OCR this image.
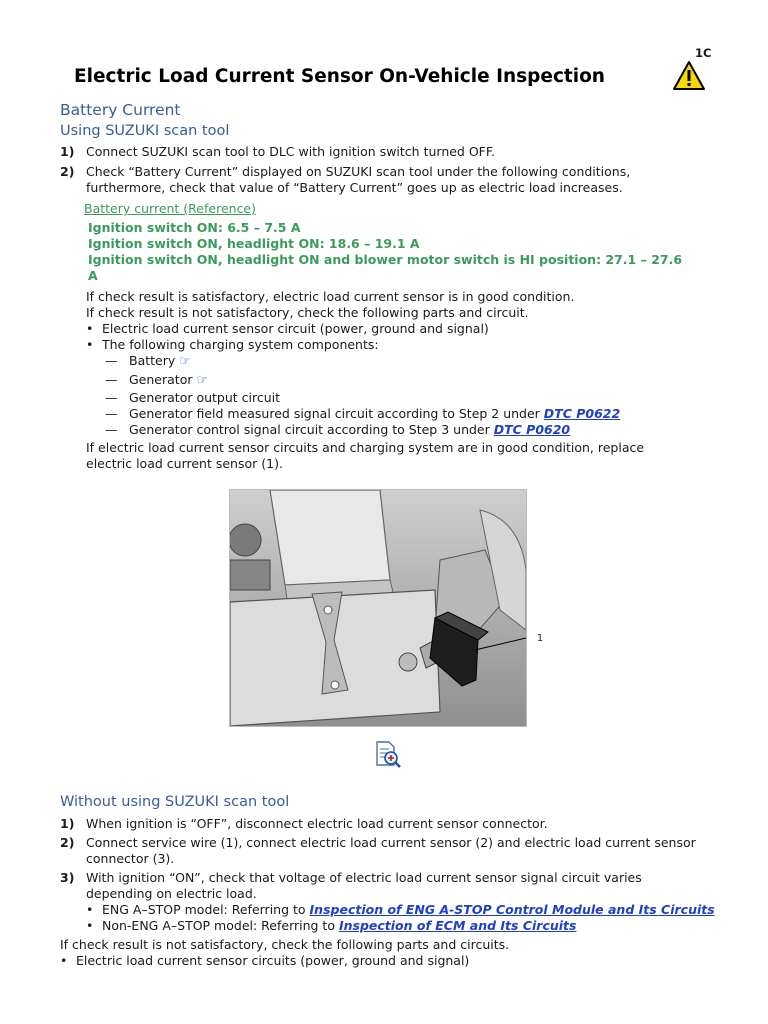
1C
Electric Load Current Sensor On-Vehicle Inspection
Battery Current
Using SUZUKI scan tool
1) Connect SUZUKI scan tool to DLC with ignition switch turned OFF.
2) Check “Battery Current” displayed on SUZUKI scan tool under the following conditions,
furthermore, check that value of “Battery Current” goes up as electric load increases.
Battery current (Reference)
Ignition switch ON: 6.5 – 7.5 A
Ignition switch ON, headlight ON: 18.6 – 19.1 A
Ignition switch ON, headlight ON and blower motor switch is HI position: 27.1 – 27.6
A
If check result is satisfactory, electric load current sensor is in good condition.
If check result is not satisfactory, check the following parts and circuit.
• Electric load current sensor circuit (power, ground and signal)
• The following charging system components:
— Battery ☞
— Generator ☞
— Generator output circuit
— Generator field measured signal circuit according to Step 2 under DTC P0622
— Generator control signal circuit according to Step 3 under DTC P0620
If electric load current sensor circuits and charging system are in good condition, replace
electric load current sensor (1).
1
Without using SUZUKI scan tool
1) When ignition is “OFF”, disconnect electric load current sensor connector.
2) Connect service wire (1), connect electric load current sensor (2) and electric load current sensor
connector (3).
3) With ignition “ON”, check that voltage of electric load current sensor signal circuit varies
depending on electric load.
• ENG A–STOP model: Referring to Inspection of ENG A-STOP Control Module and Its Circuits
• Non-ENG A–STOP model: Referring to Inspection of ECM and Its Circuits
If check result is not satisfactory, check the following parts and circuits.
• Electric load current sensor circuits (power, ground and signal)
